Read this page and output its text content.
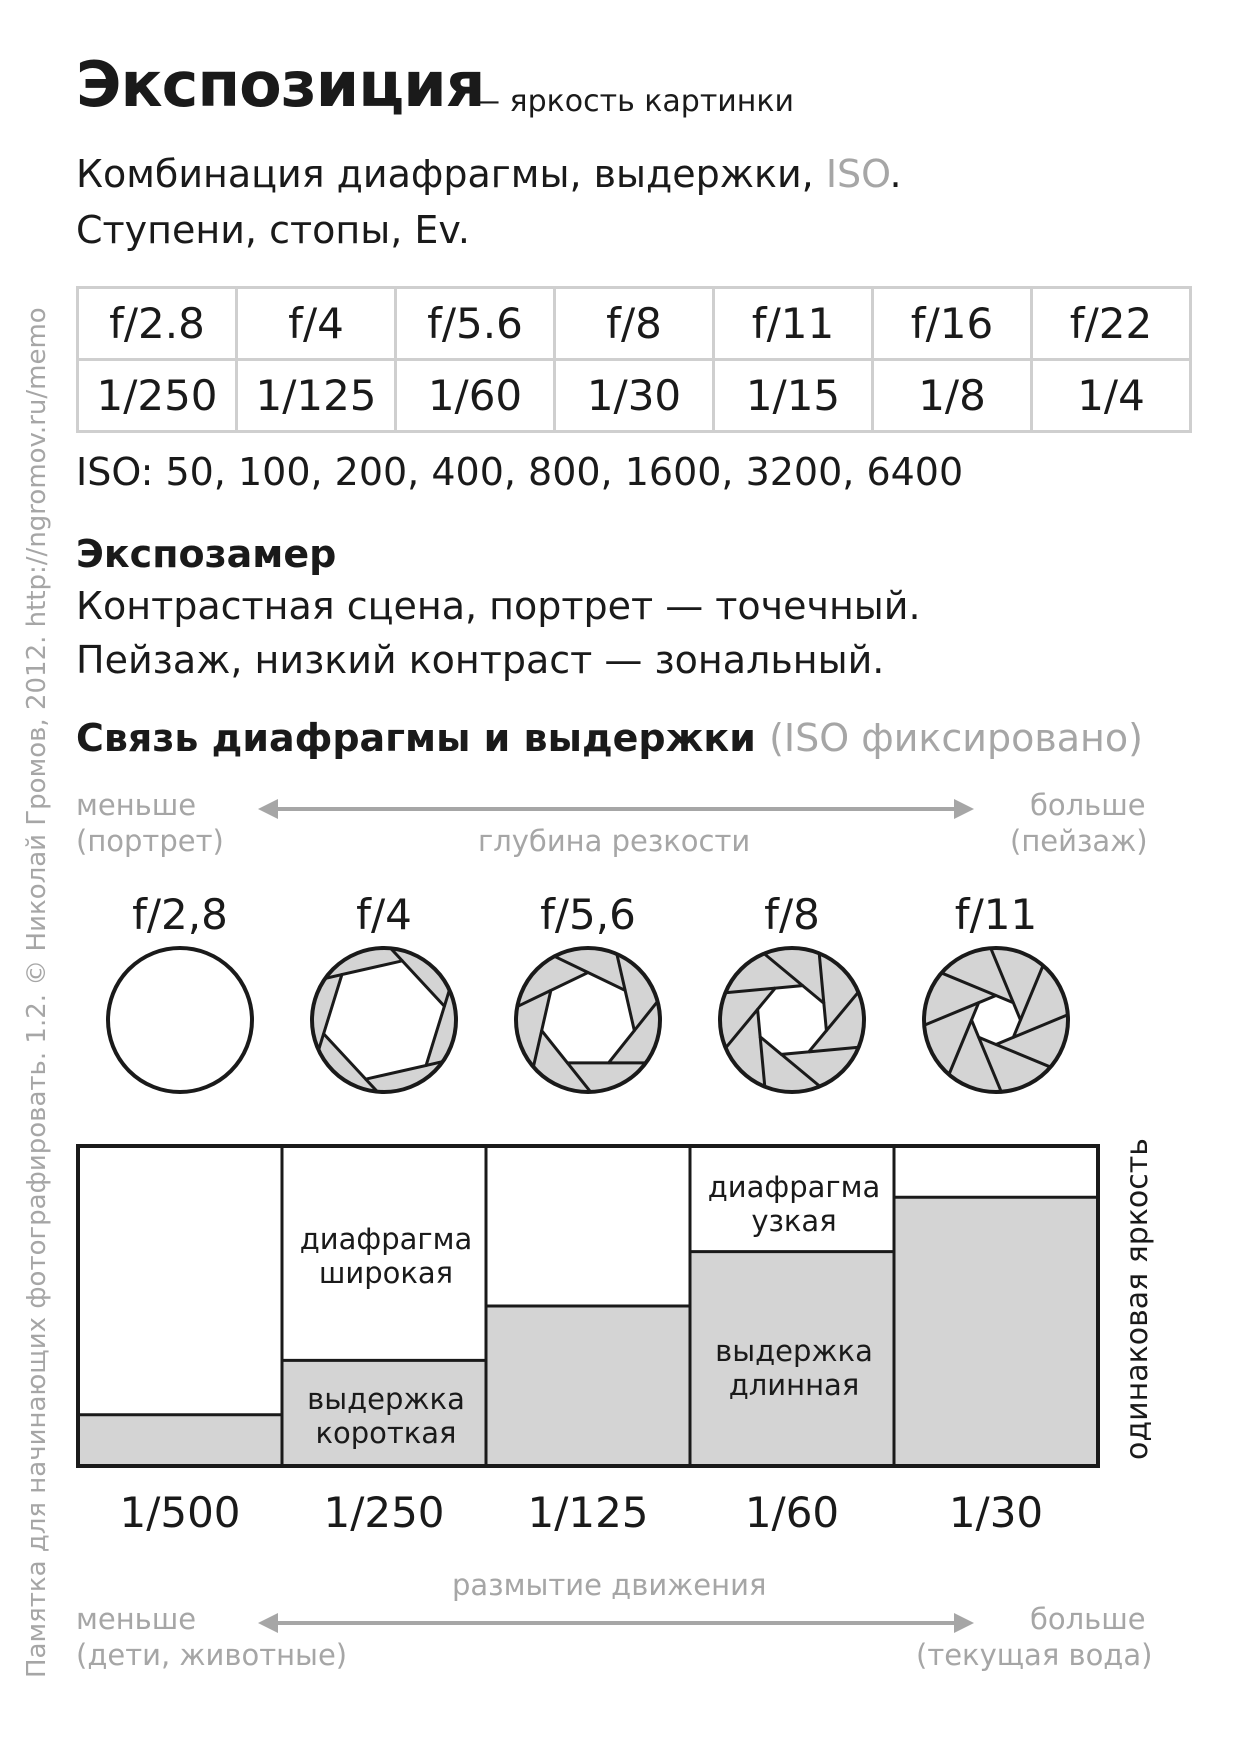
Памятка для начинающих фотографировать. 1.2. © Николай Громов, 2012. http://ngromov.ru/memo
Экспозиция
— яркость картинки
Комбинация диафрагмы, выдержки, ISO.
Ступени, стопы, Ev.
f/2.8	f/4	f/5.6	f/8	f/11	f/16	f/22
1/250	1/125	1/60	1/30	1/15	1/8	1/4
ISO: 50, 100, 200, 400, 800, 1600, 3200, 6400
Экспозамер
Контрастная сцена, портрет — точечный.
Пейзаж, низкий контраст — зональный.
Связь диафрагмы и выдержки (ISO фиксировано)
меньше
(портрет)	глубина резкости
больше
(пейзаж)
f/2,8	f/4	f/5,6	f/8	f/11
диафрагма
широкая
выдержка
короткая
диафрагма
узкая
выдержка
длинная	одинаковая яркость
1/500	1/250	1/125	1/60	1/30
размытие движения
меньше
(дети, животные)
больше
(текущая вода)
